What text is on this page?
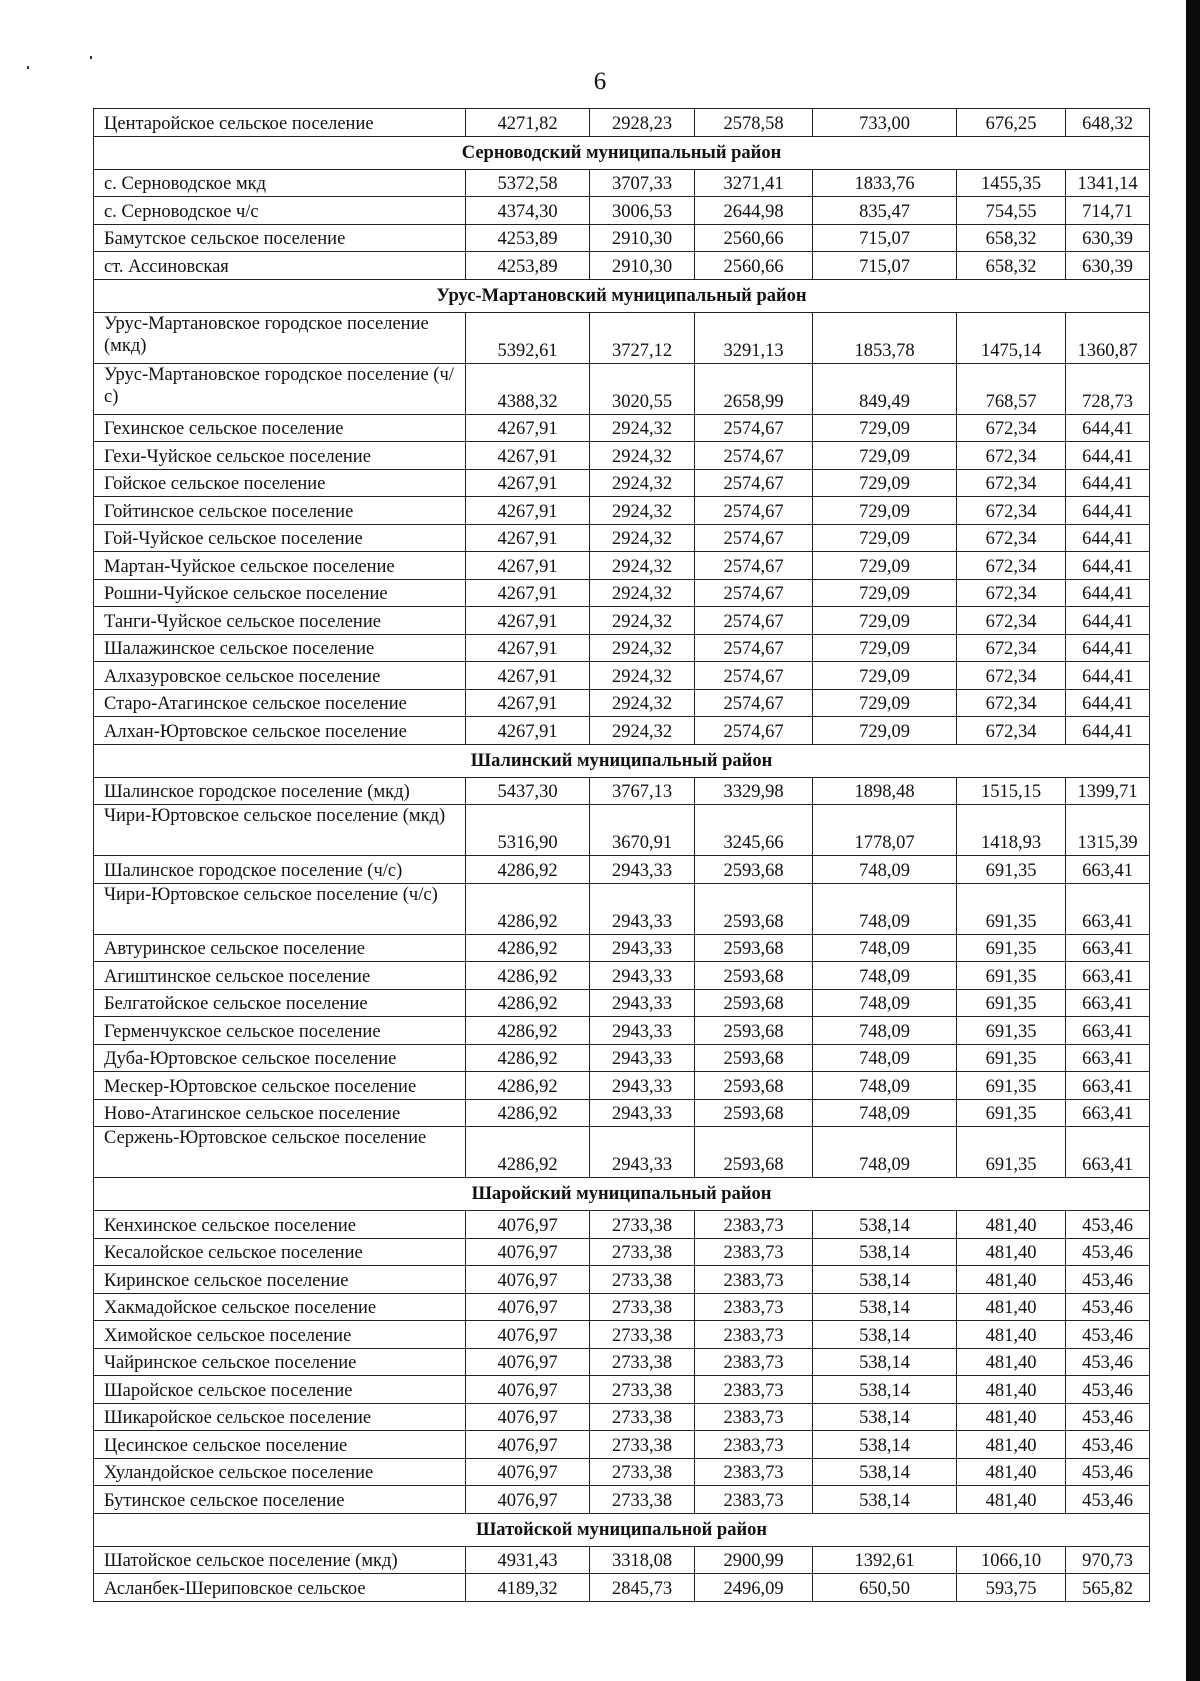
6
Центаройское сельское поселение	4271,82	2928,23	2578,58	733,00	676,25	648,32
Серноводский муниципальный район						
с. Серноводское мкд	5372,58	3707,33	3271,41	1833,76	1455,35	1341,14
с. Серноводское ч/с	4374,30	3006,53	2644,98	835,47	754,55	714,71
Бамутское сельское поселение	4253,89	2910,30	2560,66	715,07	658,32	630,39
ст. Ассиновская	4253,89	2910,30	2560,66	715,07	658,32	630,39
Урус-Мартановский муниципальный район						
Урус-Мартановское городское поселение (мкд)	5392,61	3727,12	3291,13	1853,78	1475,14	1360,87
Урус-Мартановское городское поселение (ч/с)	4388,32	3020,55	2658,99	849,49	768,57	728,73
Гехинское сельское поселение	4267,91	2924,32	2574,67	729,09	672,34	644,41
Гехи-Чуйское сельское поселение	4267,91	2924,32	2574,67	729,09	672,34	644,41
Гойское сельское поселение	4267,91	2924,32	2574,67	729,09	672,34	644,41
Гойтинское сельское поселение	4267,91	2924,32	2574,67	729,09	672,34	644,41
Гой-Чуйское сельское поселение	4267,91	2924,32	2574,67	729,09	672,34	644,41
Мартан-Чуйское сельское поселение	4267,91	2924,32	2574,67	729,09	672,34	644,41
Рошни-Чуйское сельское поселение	4267,91	2924,32	2574,67	729,09	672,34	644,41
Танги-Чуйское сельское поселение	4267,91	2924,32	2574,67	729,09	672,34	644,41
Шалажинское сельское поселение	4267,91	2924,32	2574,67	729,09	672,34	644,41
Алхазуровское сельское поселение	4267,91	2924,32	2574,67	729,09	672,34	644,41
Старо-Атагинское сельское поселение	4267,91	2924,32	2574,67	729,09	672,34	644,41
Алхан-Юртовское сельское поселение	4267,91	2924,32	2574,67	729,09	672,34	644,41
Шалинский муниципальный район						
Шалинское городское поселение (мкд)	5437,30	3767,13	3329,98	1898,48	1515,15	1399,71
Чири-Юртовское сельское поселение (мкд)	5316,90	3670,91	3245,66	1778,07	1418,93	1315,39
Шалинское городское поселение (ч/с)	4286,92	2943,33	2593,68	748,09	691,35	663,41
Чири-Юртовское сельское поселение (ч/с)	4286,92	2943,33	2593,68	748,09	691,35	663,41
Автуринское сельское поселение	4286,92	2943,33	2593,68	748,09	691,35	663,41
Агиштинское сельское поселение	4286,92	2943,33	2593,68	748,09	691,35	663,41
Белгатойское сельское поселение	4286,92	2943,33	2593,68	748,09	691,35	663,41
Герменчукское сельское поселение	4286,92	2943,33	2593,68	748,09	691,35	663,41
Дуба-Юртовское сельское поселение	4286,92	2943,33	2593,68	748,09	691,35	663,41
Мескер-Юртовское сельское поселение	4286,92	2943,33	2593,68	748,09	691,35	663,41
Ново-Атагинское сельское поселение	4286,92	2943,33	2593,68	748,09	691,35	663,41
Сержень-Юртовское сельское поселение	4286,92	2943,33	2593,68	748,09	691,35	663,41
Шаройский муниципальный район						
Кенхинское сельское поселение	4076,97	2733,38	2383,73	538,14	481,40	453,46
Кесалойское сельское поселение	4076,97	2733,38	2383,73	538,14	481,40	453,46
Киринское сельское поселение	4076,97	2733,38	2383,73	538,14	481,40	453,46
Хакмадойское сельское поселение	4076,97	2733,38	2383,73	538,14	481,40	453,46
Химойское сельское поселение	4076,97	2733,38	2383,73	538,14	481,40	453,46
Чайринское сельское поселение	4076,97	2733,38	2383,73	538,14	481,40	453,46
Шаройское сельское поселение	4076,97	2733,38	2383,73	538,14	481,40	453,46
Шикаройское сельское поселение	4076,97	2733,38	2383,73	538,14	481,40	453,46
Цесинское сельское поселение	4076,97	2733,38	2383,73	538,14	481,40	453,46
Хуландойское сельское поселение	4076,97	2733,38	2383,73	538,14	481,40	453,46
Бутинское сельское поселение	4076,97	2733,38	2383,73	538,14	481,40	453,46
Шатойской муниципальной район						
Шатойское сельское поселение (мкд)	4931,43	3318,08	2900,99	1392,61	1066,10	970,73
Асланбек-Шериповское сельское	4189,32	2845,73	2496,09	650,50	593,75	565,82
